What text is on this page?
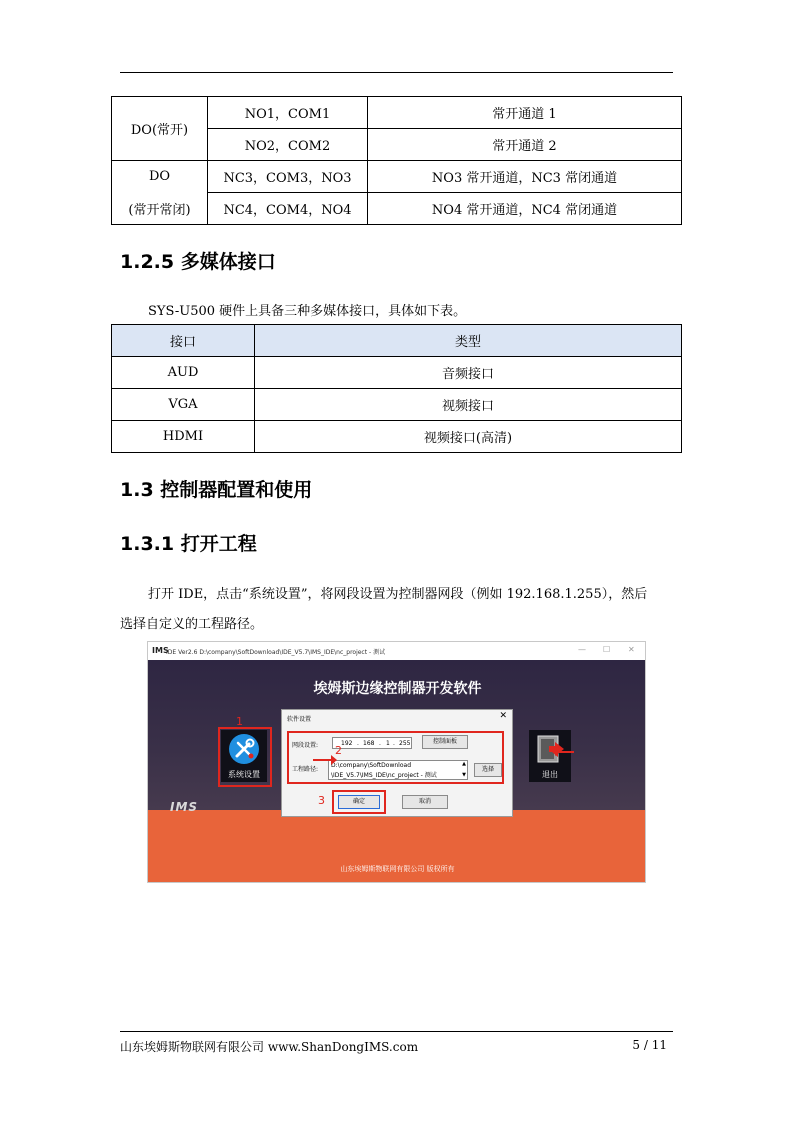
DO(常开)	NO1，COM1	常开通道 1
	NO2，COM2	常开通道 2
DO	NC3，COM3，NO3	NO3 常开通道，NC3 常闭通道
(常开常闭)	NC4，COM4，NO4	NO4 常开通道，NC4 常闭通道
1.2.5 多媒体接口
SYS-U500 硬件上具备三种多媒体接口，具体如下表。
接口	类型
AUD	音频接口
VGA	视频接口
HDMI	视频接口(高清)
1.3 控制器配置和使用
1.3.1 打开工程
打开 IDE，点击“系统设置”，将网段设置为控制器网段（例如 192.168.1.255），然后
选择自定义的工程路径。
IMS
IDE Ver2.6 D:\company\SoftDownload\IDE_V5.7\IMS_IDE\nc_project - 测试	— ☐ ✕
埃姆斯边缘控制器开发软件
IMS
系统设置
1
退出
软件设置	✕
网段设置:	192 . 168 . 1 . 255	控制面板
工程路径:
D:\company\SoftDownload
\IDE_V5.7\IMS_IDE\nc_project - 测试
▲
▼
选择
确定	取消
2
3
山东埃姆斯物联网有限公司 版权所有
山东埃姆斯物联网有限公司 www.ShanDongIMS.com	5 / 11
